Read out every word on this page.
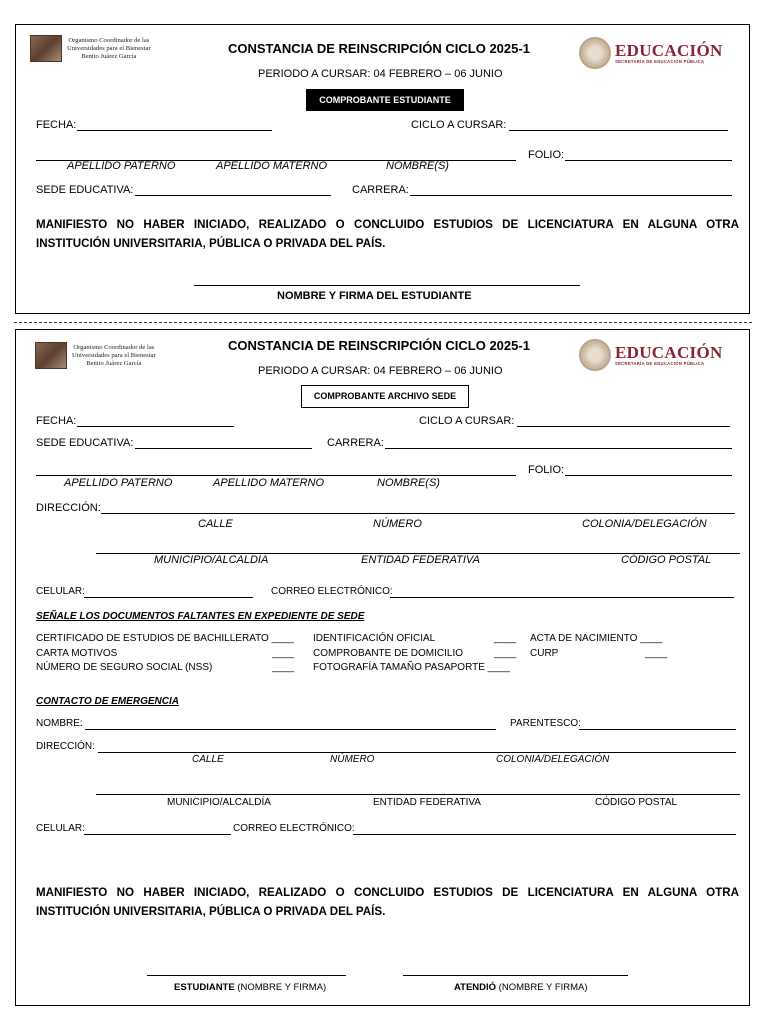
Organismo Coordinador de las
Universidades para el Bienestar
Benito Juárez García	CONSTANCIA DE REINSCRIPCIÓN CICLO 2025-1
PERIODO A CURSAR: 04 FEBRERO – 06 JUNIO
EDUCACIÓN
SECRETARÍA DE EDUCACIÓN PÚBLICA
COMPROBANTE ESTUDIANTE
FECHA:	CICLO A CURSAR:
FOLIO:
APELLIDO PATERNO	APELLIDO MATERNO	NOMBRE(S)
SEDE EDUCATIVA:	CARRERA:
MANIFIESTO NO HABER INICIADO, REALIZADO O CONCLUIDO ESTUDIOS DE LICENCIATURA EN ALGUNA OTRA
INSTITUCIÓN UNIVERSITARIA, PÚBLICA O PRIVADA DEL PAÍS.
NOMBRE Y FIRMA DEL ESTUDIANTE
Organismo Coordinador de las
Universidades para el Bienestar
Benito Juárez García
CONSTANCIA DE REINSCRIPCIÓN CICLO 2025-1
PERIODO A CURSAR: 04 FEBRERO – 06 JUNIO
EDUCACIÓN
SECRETARÍA DE EDUCACIÓN PÚBLICA
COMPROBANTE ARCHIVO SEDE
FECHA:	CICLO A CURSAR:
SEDE EDUCATIVA:	CARRERA:
FOLIO:
APELLIDO PATERNO	APELLIDO MATERNO	NOMBRE(S)
DIRECCIÓN:
CALLE	NÚMERO	COLONIA/DELEGACIÓN
MUNICIPIO/ALCALDIA	ENTIDAD FEDERATIVA	CÓDIGO POSTAL
CELULAR:	CORREO ELECTRÓNICO:
SEÑALE LOS DOCUMENTOS FALTANTES EN EXPEDIENTE DE SEDE
CERTIFICADO DE ESTUDIOS DE BACHILLERATO ____ IDENTIFICACIÓN OFICIAL	____ ACTA DE NACIMIENTO ____
CARTA MOTIVOS	____ COMPROBANTE DE DOMICILIO	____ CURP	____
NÚMERO DE SEGURO SOCIAL (NSS)	____ FOTOGRAFÍA TAMAÑO PASAPORTE ____
CONTACTO DE EMERGENCIA
NOMBRE:	PARENTESCO:
DIRECCIÓN:
CALLE	NÚMERO	COLONIA/DELEGACIÓN
MUNICIPIO/ALCALDÍA	ENTIDAD FEDERATIVA	CÓDIGO POSTAL
CELULAR:	CORREO ELECTRÓNICO:
MANIFIESTO NO HABER INICIADO, REALIZADO O CONCLUIDO ESTUDIOS DE LICENCIATURA EN ALGUNA OTRA
INSTITUCIÓN UNIVERSITARIA, PÚBLICA O PRIVADA DEL PAÍS.
ESTUDIANTE (NOMBRE Y FIRMA)	ATENDIÓ (NOMBRE Y FIRMA)
